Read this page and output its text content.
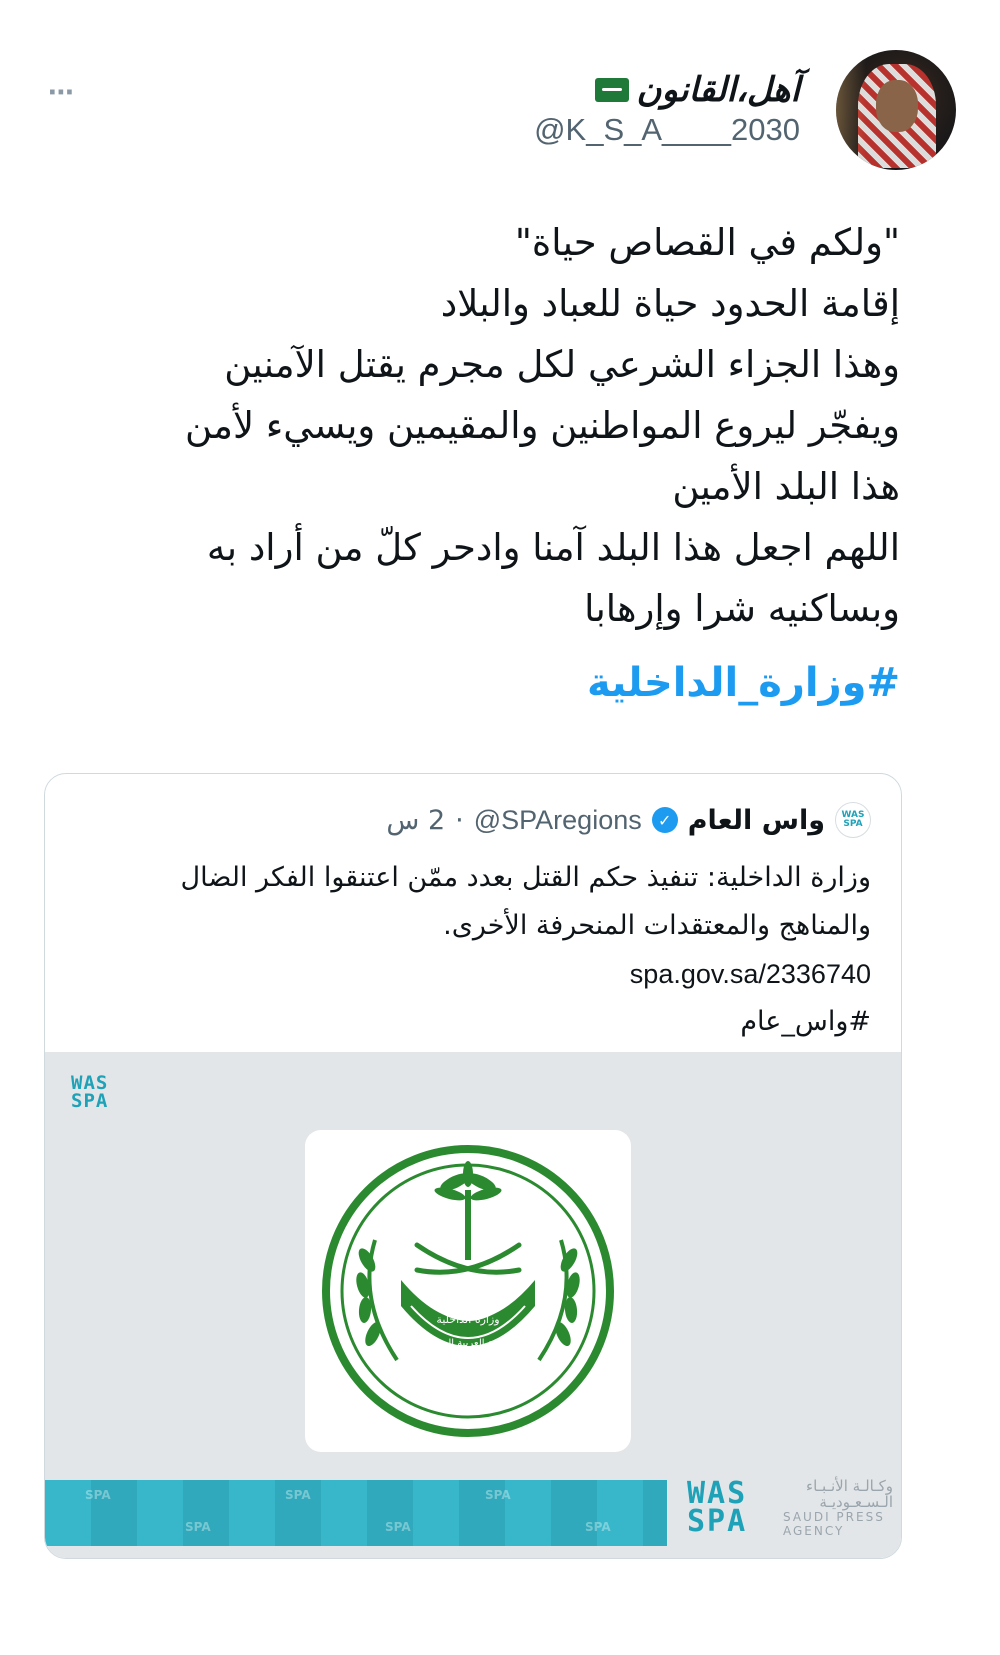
⋯	آهل،القانون
@K_S_A____2030
"ولكم في القصاص حياة"
إقامة الحدود حياة للعباد والبلاد
وهذا الجزاء الشرعي لكل مجرم يقتل الآمنين
ويفجّر ليروع المواطنين والمقيمين ويسيء لأمن
هذا البلد الأمين
اللهم اجعل هذا البلد آمنا وادحر كلّ من أراد به
وبساكنيه شرا وإرهابا
#وزارة_الداخلية
WAS
SPA
واس العام
✓
@SPAregions
·
2 س
وزارة الداخلية: تنفيذ حكم القتل بعدد ممّن اعتنقوا الفكر الضال
والمناهج والمعتقدات المنحرفة الأخرى.
spa.gov.sa/2336740
#واس_عام
WAS
SPA
وزارة الداخلية
المملكة العربية السعودية
SPA
SPA
SPA
SPA
SPA
SPA
WAS
SPA
وكـالـة الأنـبـاء
الـسـعـوديـة
SAUDI PRESS
AGENCY
